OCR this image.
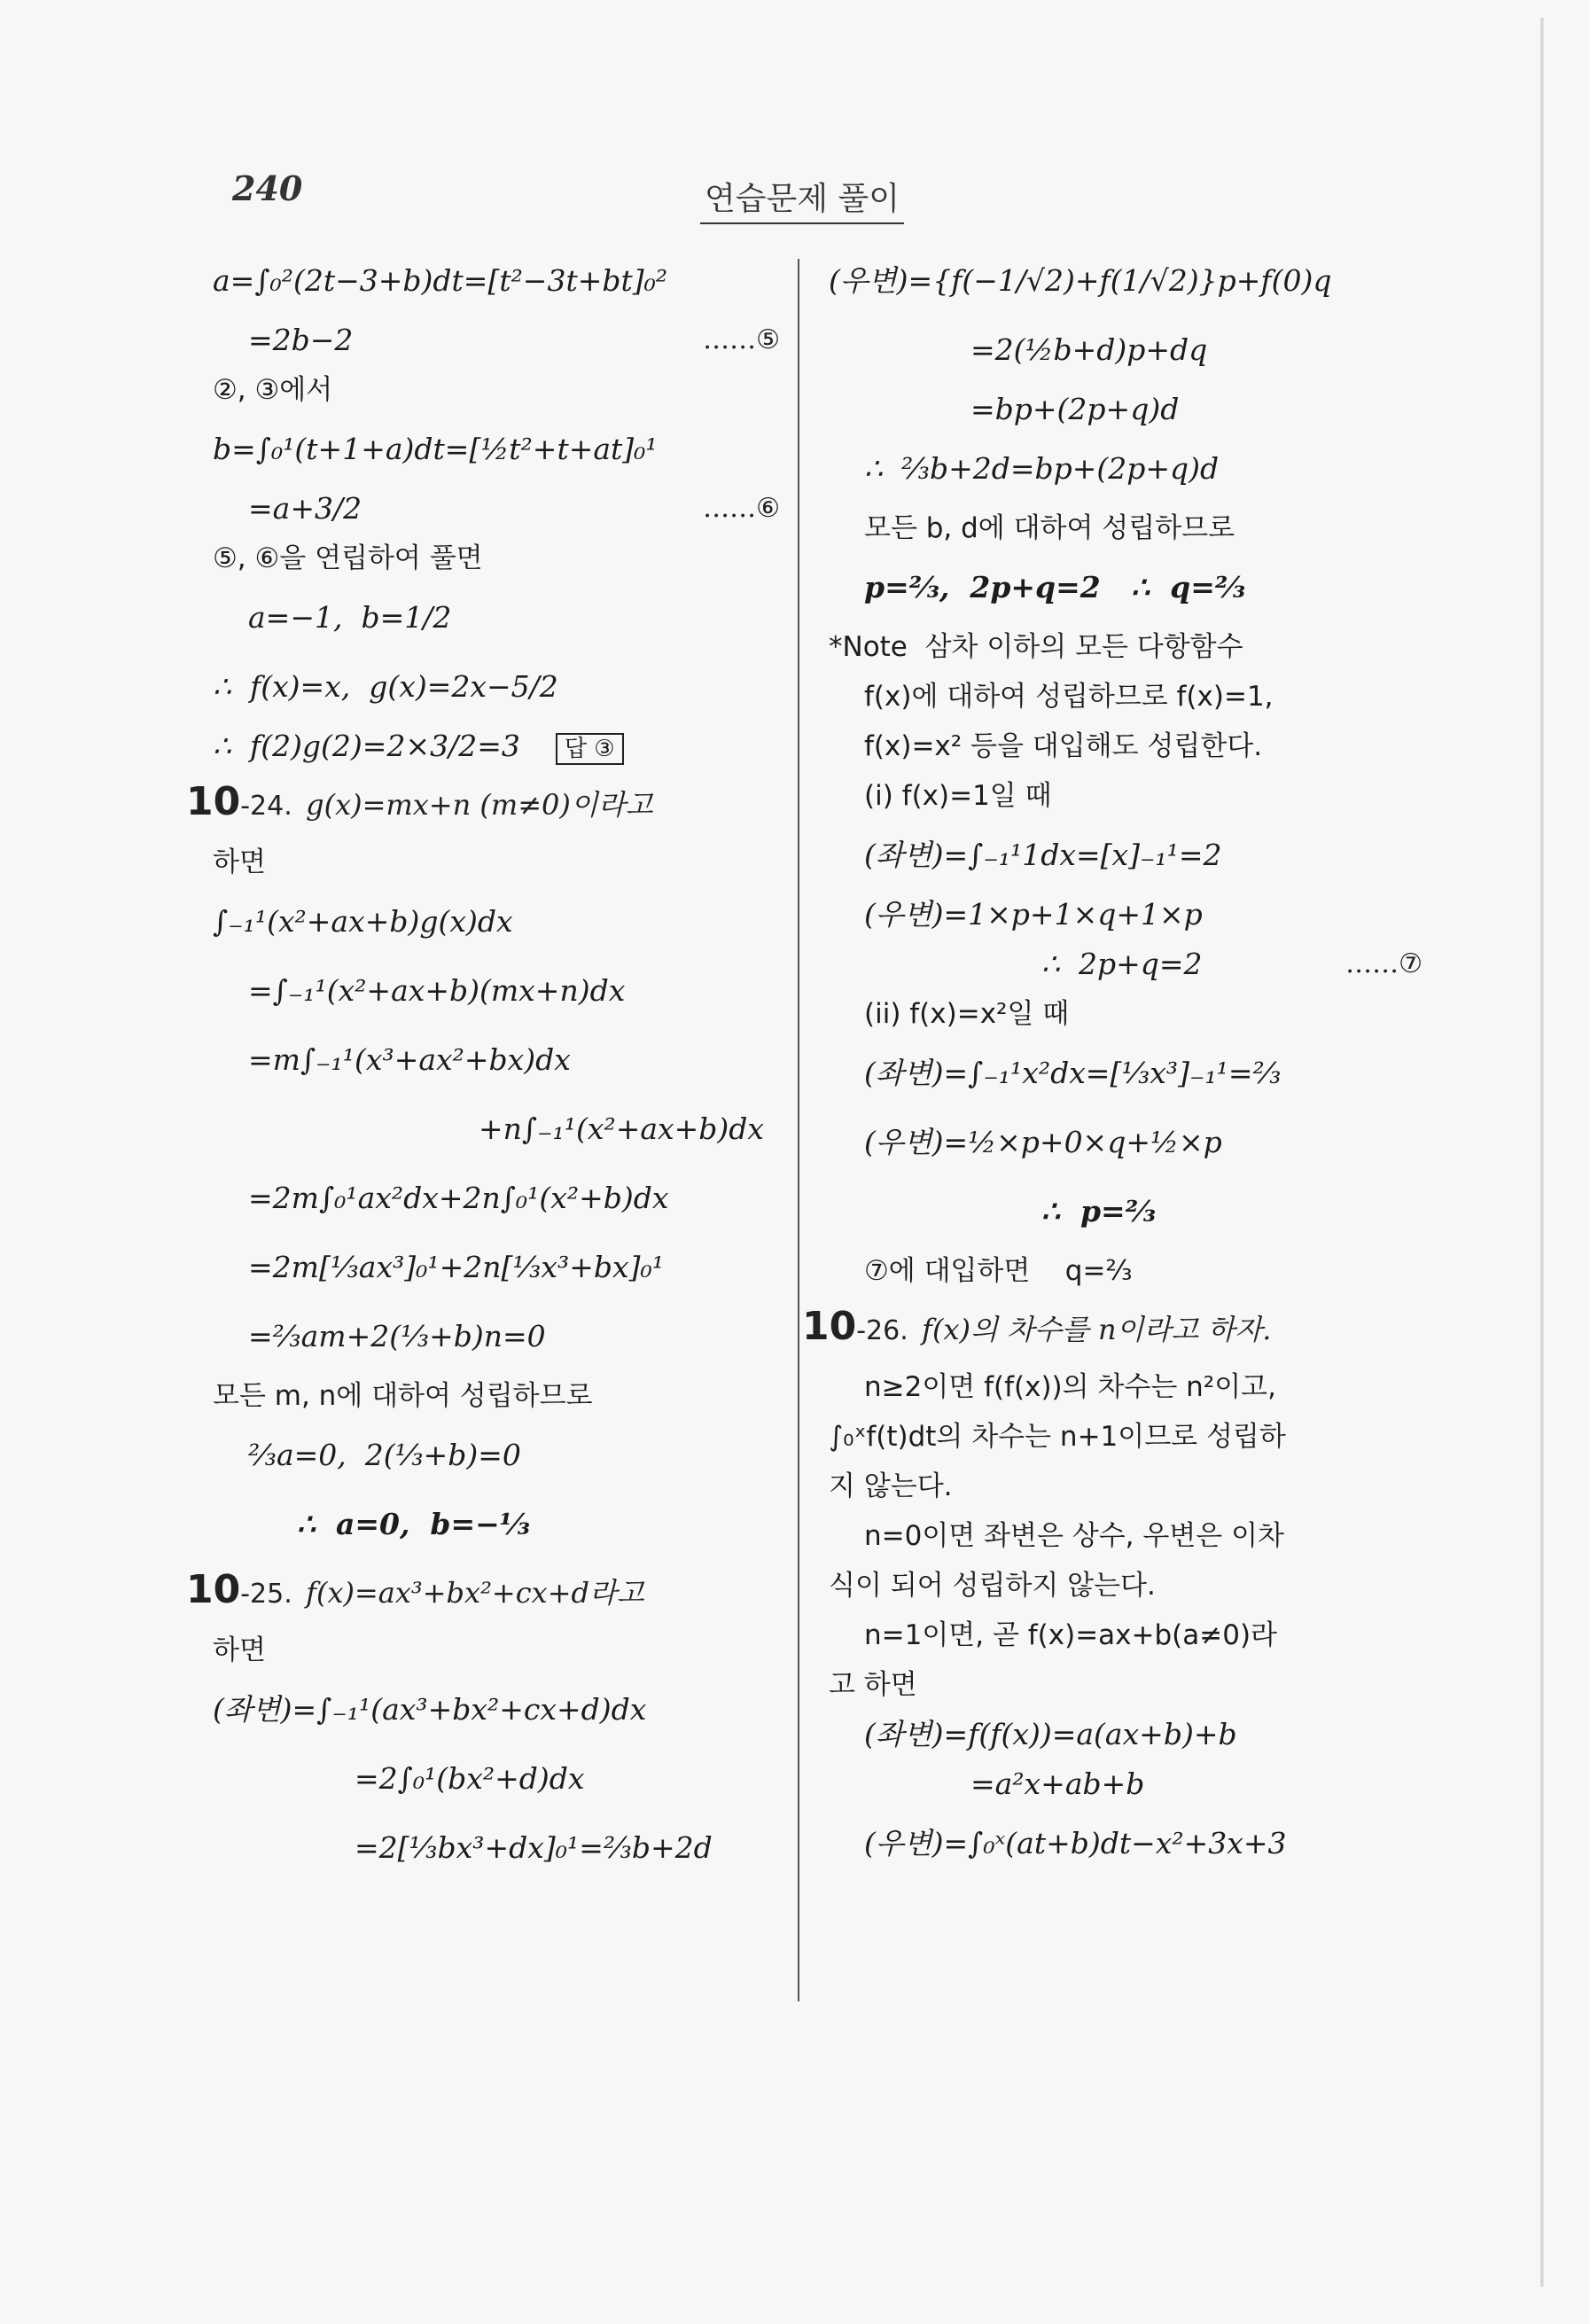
240	연습문제 풀이
a=∫₀²(2t−3+b)dt=[t²−3t+bt]₀²
=2b−2	……⑤
②, ③에서
b=∫₀¹(t+1+a)dt=[½t²+t+at]₀¹
=a+3/2	……⑥
⑤, ⑥을 연립하여 풀면
a=−1,  b=1/2
∴  f(x)=x,  g(x)=2x−5/2
∴  f(2)g(2)=2×3/2=3 답 ③
10-24. g(x)=mx+n (m≠0)이라고
하면
∫₋₁¹(x²+ax+b)g(x)dx
=∫₋₁¹(x²+ax+b)(mx+n)dx
=m∫₋₁¹(x³+ax²+bx)dx
+n∫₋₁¹(x²+ax+b)dx
=2m∫₀¹ax²dx+2n∫₀¹(x²+b)dx
=2m[⅓ax³]₀¹+2n[⅓x³+bx]₀¹
=⅔am+2(⅓+b)n=0
모든 m, n에 대하여 성립하므로
⅔a=0,  2(⅓+b)=0
∴  a=0,  b=−⅓
10-25. f(x)=ax³+bx²+cx+d라고
하면
(좌변)=∫₋₁¹(ax³+bx²+cx+d)dx
=2∫₀¹(bx²+d)dx
=2[⅓bx³+dx]₀¹=⅔b+2d
(우변)={f(−1/√2)+f(1/√2)}p+f(0)q
=2(½b+d)p+dq
=bp+(2p+q)d
∴  ⅔b+2d=bp+(2p+q)d
모든 b, d에 대하여 성립하므로
p=⅔,  2p+q=2   ∴  q=⅔
*Note  삼차 이하의 모든 다항함수
f(x)에 대하여 성립하므로 f(x)=1,
f(x)=x² 등을 대입해도 성립한다.
(i) f(x)=1일 때
(좌변)=∫₋₁¹1dx=[x]₋₁¹=2
(우변)=1×p+1×q+1×p
∴  2p+q=2	……⑦
(ii) f(x)=x²일 때
(좌변)=∫₋₁¹x²dx=[⅓x³]₋₁¹=⅔
(우변)=½×p+0×q+½×p
∴  p=⅔
⑦에 대입하면    q=⅔
10-26. f(x)의 차수를 n이라고 하자.
n≥2이면 f(f(x))의 차수는 n²이고,
∫₀ˣf(t)dt의 차수는 n+1이므로 성립하
지 않는다.
n=0이면 좌변은 상수, 우변은 이차
식이 되어 성립하지 않는다.
n=1이면, 곧 f(x)=ax+b(a≠0)라
고 하면
(좌변)=f(f(x))=a(ax+b)+b
=a²x+ab+b
(우변)=∫₀ˣ(at+b)dt−x²+3x+3
